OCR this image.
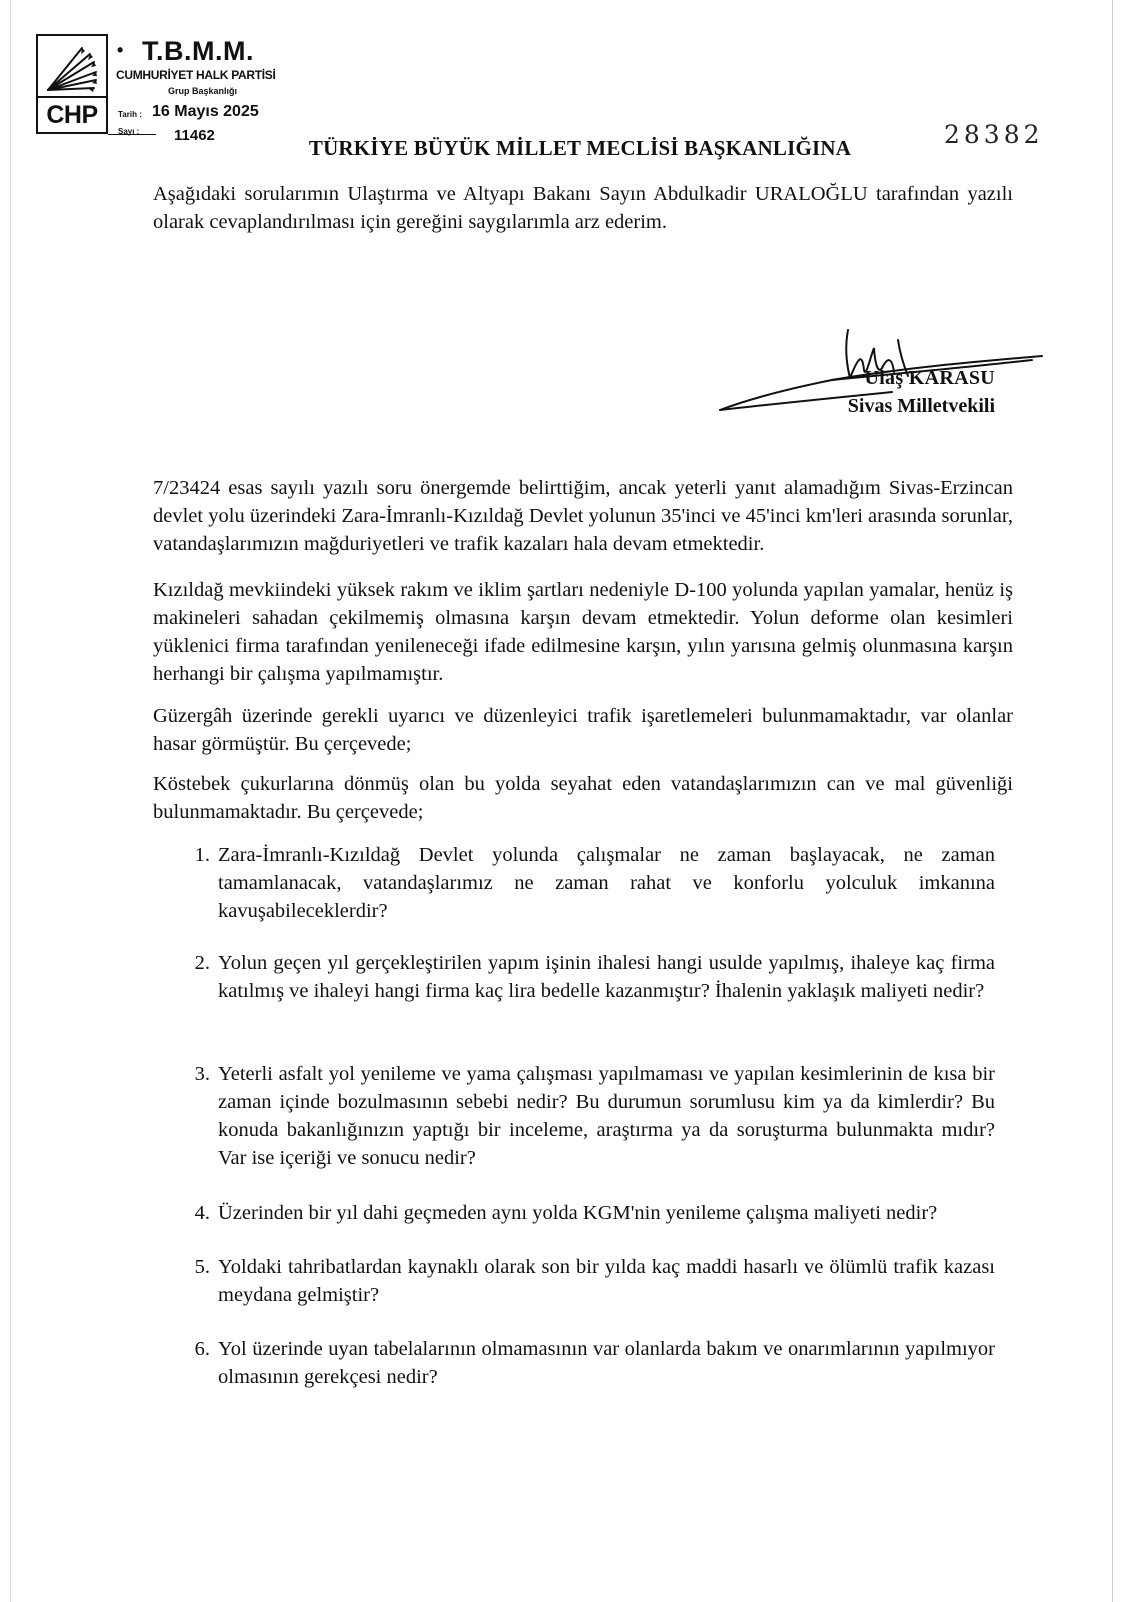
CHP
• T.B.M.M.
CUMHURİYET HALK PARTİSİ
Grup Başkanlığı
Tarih : 16 Mayıs 2025
Sayı : 11462	28382
TÜRKİYE BÜYÜK MİLLET MECLİSİ BAŞKANLIĞINA
Aşağıdaki sorularımın Ulaştırma ve Altyapı Bakanı Sayın Abdulkadir URALOĞLU tarafından yazılı olarak cevaplandırılması için gereğini saygılarımla arz ederim.
Ulaş KARASU
Sivas Milletvekili
7/23424 esas sayılı yazılı soru önergemde belirttiğim, ancak yeterli yanıt alamadığım Sivas-Erzincan devlet yolu üzerindeki Zara-İmranlı-Kızıldağ Devlet yolunun 35'inci ve 45'inci km'leri arasında sorunlar, vatandaşlarımızın mağduriyetleri ve trafik kazaları hala devam etmektedir.
Kızıldağ mevkiindeki yüksek rakım ve iklim şartları nedeniyle D-100 yolunda yapılan yamalar, henüz iş makineleri sahadan çekilmemiş olmasına karşın devam etmektedir. Yolun deforme olan kesimleri yüklenici firma tarafından yenileneceği ifade edilmesine karşın, yılın yarısına gelmiş olunmasına karşın herhangi bir çalışma yapılmamıştır.
Güzergâh üzerinde gerekli uyarıcı ve düzenleyici trafik işaretlemeleri bulunmamaktadır, var olanlar hasar görmüştür. Bu çerçevede;
Köstebek çukurlarına dönmüş olan bu yolda seyahat eden vatandaşlarımızın can ve mal güvenliği bulunmamaktadır. Bu çerçevede;
1. Zara-İmranlı-Kızıldağ Devlet yolunda çalışmalar ne zaman başlayacak, ne zaman tamamlanacak, vatandaşlarımız ne zaman rahat ve konforlu yolculuk imkanına kavuşabileceklerdir?
2. Yolun geçen yıl gerçekleştirilen yapım işinin ihalesi hangi usulde yapılmış, ihaleye kaç firma katılmış ve ihaleyi hangi firma kaç lira bedelle kazanmıştır? İhalenin yaklaşık maliyeti nedir?
3. Yeterli asfalt yol yenileme ve yama çalışması yapılmaması ve yapılan kesimlerinin de kısa bir zaman içinde bozulmasının sebebi nedir? Bu durumun sorumlusu kim ya da kimlerdir? Bu konuda bakanlığınızın yaptığı bir inceleme, araştırma ya da soruşturma bulunmakta mıdır? Var ise içeriği ve sonucu nedir?
4. Üzerinden bir yıl dahi geçmeden aynı yolda KGM'nin yenileme çalışma maliyeti nedir?
5. Yoldaki tahribatlardan kaynaklı olarak son bir yılda kaç maddi hasarlı ve ölümlü trafik kazası meydana gelmiştir?
6. Yol üzerinde uyan tabelalarının olmamasının var olanlarda bakım ve onarımlarının yapılmıyor olmasının gerekçesi nedir?
